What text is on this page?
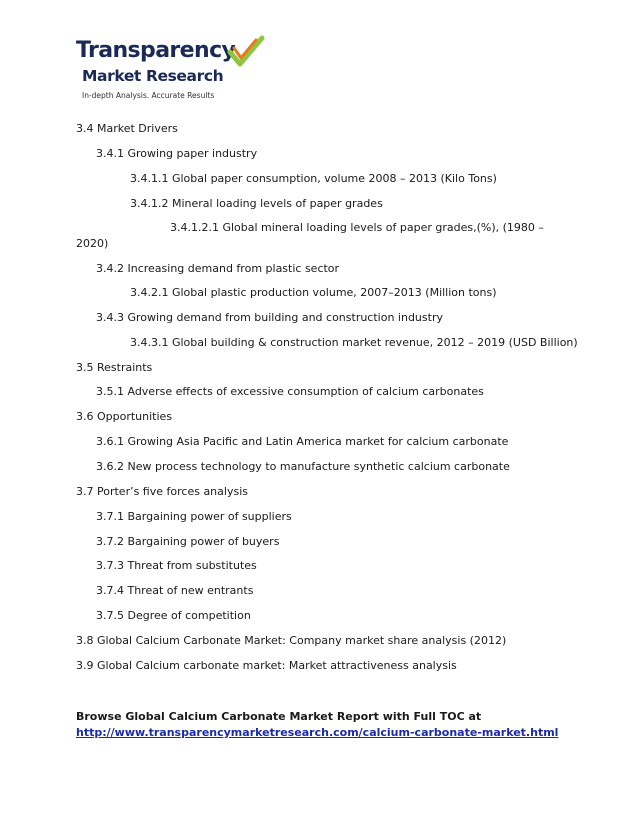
Transparency
Market Research
In-depth Analysis. Accurate Results
3.4 Market Drivers
3.4.1 Growing paper industry
3.4.1.1 Global paper consumption, volume 2008 – 2013 (Kilo Tons)
3.4.1.2 Mineral loading levels of paper grades
3.4.1.2.1 Global mineral loading levels of paper grades,(%), (1980 –
2020)
3.4.2 Increasing demand from plastic sector
3.4.2.1 Global plastic production volume, 2007–2013 (Million tons)
3.4.3 Growing demand from building and construction industry
3.4.3.1 Global building & construction market revenue, 2012 – 2019 (USD Billion)
3.5 Restraints
3.5.1 Adverse effects of excessive consumption of calcium carbonates
3.6 Opportunities
3.6.1 Growing Asia Pacific and Latin America market for calcium carbonate
3.6.2 New process technology to manufacture synthetic calcium carbonate
3.7 Porter’s five forces analysis
3.7.1 Bargaining power of suppliers
3.7.2 Bargaining power of buyers
3.7.3 Threat from substitutes
3.7.4 Threat of new entrants
3.7.5 Degree of competition
3.8 Global Calcium Carbonate Market: Company market share analysis (2012)
3.9 Global Calcium carbonate market: Market attractiveness analysis
Browse Global Calcium Carbonate Market Report with Full TOC at
http://www.transparencymarketresearch.com/calcium-carbonate-market.html
